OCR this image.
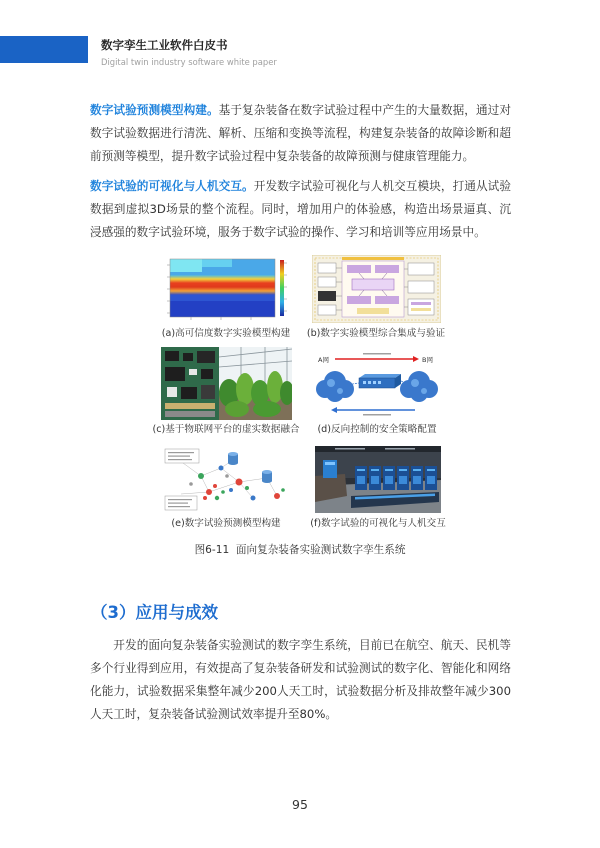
数字孪生工业软件白皮书
Digital twin industry software white paper

数字试验预测模型构建。基于复杂装备在数字试验过程中产生的大量数据，通过对数字试验数据进行清洗、解析、压缩和变换等流程，构建复杂装备的故障诊断和超前预测等模型，提升数字试验过程中复杂装备的故障预测与健康管理能力。

数字试验的可视化与人机交互。开发数字试验可视化与人机交互模块，打通从试验数据到虚拟3D场景的整个流程。同时，增加用户的体验感，构造出场景逼真、沉浸感强的数字试验环境，服务于数字试验的操作、学习和培训等应用场景中。

(a)高可信度数字实验模型构建	(b)数字实验模型综合集成与验证
(c)基于物联网平台的虚实数据融合
A网	B网
(d)反向控制的安全策略配置
(e)数字试验预测模型构建	(f)数字试验的可视化与人机交互
图6-11  面向复杂装备实验测试数字孪生系统
（3）应用与成效

开发的面向复杂装备实验测试的数字孪生系统，目前已在航空、航天、民机等多个行业得到应用，有效提高了复杂装备研发和试验测试的数字化、智能化和网络化能力，试验数据采集整年减少200人天工时，试验数据分析及排故整年减少300人天工时，复杂装备试验测试效率提升至80%。

95
